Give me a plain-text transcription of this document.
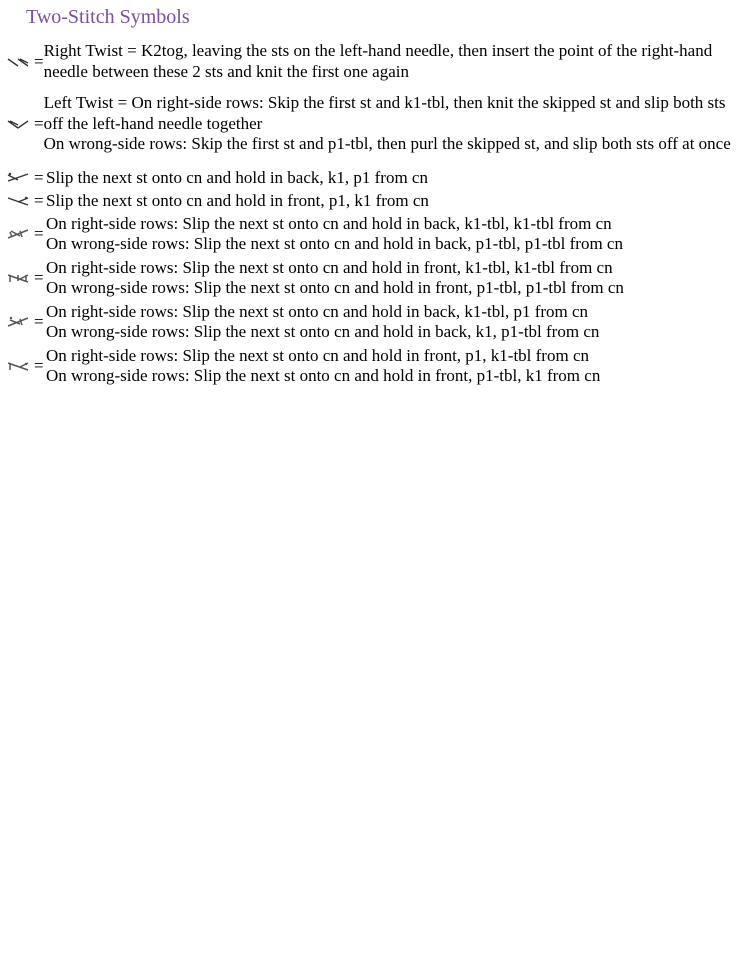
Two-Stitch Symbols
=
Right Twist = K2tog, leaving the sts on the left-hand needle, then insert the point of the right-hand needle between these 2 sts and knit the first one again
=
Left Twist = On right-side rows: Skip the first st and k1-tbl, then knit the skipped st and slip both sts off the left-hand needle together
On wrong-side rows: Skip the first st and p1-tbl, then purl the skipped st, and slip both sts off at once
= Slip the next st onto cn and hold in back, k1, p1 from cn
= Slip the next st onto cn and hold in front, p1, k1 from cn
=
On right-side rows: Slip the next st onto cn and hold in back, k1-tbl, k1-tbl from cn
On wrong-side rows: Slip the next st onto cn and hold in back, p1-tbl, p1-tbl from cn
=
On right-side rows: Slip the next st onto cn and hold in front, k1-tbl, k1-tbl from cn
On wrong-side rows: Slip the next st onto cn and hold in front, p1-tbl, p1-tbl from cn
=
On right-side rows: Slip the next st onto cn and hold in back, k1-tbl, p1 from cn
On wrong-side rows: Slip the next st onto cn and hold in back, k1, p1-tbl from cn
=
On right-side rows: Slip the next st onto cn and hold in front, p1, k1-tbl from cn
On wrong-side rows: Slip the next st onto cn and hold in front, p1-tbl, k1 from cn
